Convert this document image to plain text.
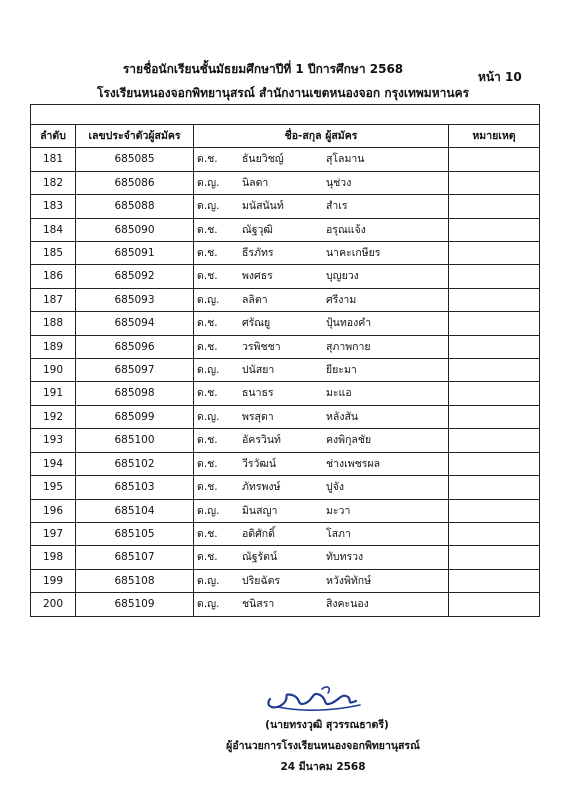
รายชื่อนักเรียนชั้นมัธยมศึกษาปีที่ 1 ปีการศึกษา 2568
หน้า 10
โรงเรียนหนองจอกพิทยานุสรณ์ สำนักงานเขตหนองจอก กรุงเทพมหานคร

ลำดับ	เลขประจำตัวผู้สมัคร	ชื่อ-สกุล ผู้สมัคร	หมายเหตุ
181	685085	ด.ช. ธันยวิชญ์ สุโลมาน	

182	685086	ด.ญ. นิลดา นุช่วง	

183	685088	ด.ญ. มนัสนันท์ สำเร	

184	685090	ด.ช. ณัฐวุฒิ อรุณแจ้ง	

185	685091	ด.ช. ธีรภัทร นาคะเกษียร	

186	685092	ด.ช. พงศธร บุญยวง	

187	685093	ด.ญ. ลลิตา ศรีงาม	

188	685094	ด.ช. ศรัณยู ปุ้นทองคำ	

189	685096	ด.ช. วรพิชชา สุภาพกาย	

190	685097	ด.ญ. ปนัสยา ยียะมา	

191	685098	ด.ช. ธนาธร มะแอ	

192	685099	ด.ญ. พรสุดา หลังสัน	

193	685100	ด.ช. อัครวินท์ คงพิกุลชัย	

194	685102	ด.ช. วีรวัฒน์ ช่างเพชรผล	

195	685103	ด.ช. ภัทรพงษ์ ปูจัง	

196	685104	ด.ญ. มินสญา มะวา	

197	685105	ด.ช. อดิศักดิ์ โสภา	

198	685107	ด.ช. ณัฐรัตน์ ทับทรวง	

199	685108	ด.ญ. ปริยฉัตร หวังพิทักษ์	

200	685109	ด.ญ. ชนิสรา สิงคะนอง	

(นายทรงวุฒิ สุวรรณธาตรี)
ผู้อำนวยการโรงเรียนหนองจอกพิทยานุสรณ์
24 มีนาคม 2568
